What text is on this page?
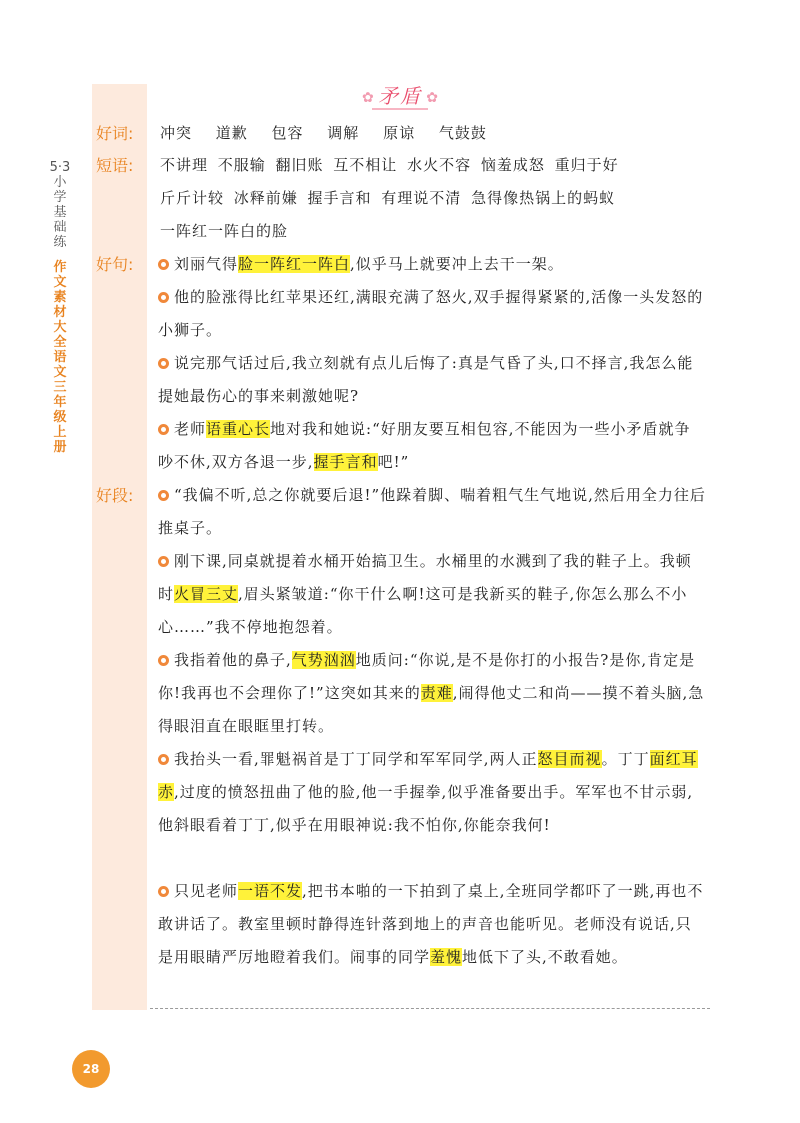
5·3小学基础练
作文素材大全 语文 三年级 上册
✿ 矛盾 ✿
好词: 冲突 道歉 包容 调解 原谅 气鼓鼓
短语: 不讲理 不服输 翻旧账 互不相让 水火不容 恼羞成怒 重归于好
斤斤计较 冰释前嫌 握手言和 有理说不清 急得像热锅上的蚂蚁
一阵红一阵白的脸
好句:	刘丽气得脸一阵红一阵白,似乎马上就要冲上去干一架。
他的脸涨得比红苹果还红,满眼充满了怒火,双手握得紧紧的,活像一头发怒的小狮子。
说完那气话过后,我立刻就有点儿后悔了:真是气昏了头,口不择言,我怎么能提她最伤心的事来刺激她呢?
老师语重心长地对我和她说:“好朋友要互相包容,不能因为一些小矛盾就争吵不休,双方各退一步,握手言和吧!”
好段:	“我偏不听,总之你就要后退!”他跺着脚、喘着粗气生气地说,然后用全力往后推桌子。
刚下课,同桌就提着水桶开始搞卫生。水桶里的水溅到了我的鞋子上。我顿时火冒三丈,眉头紧皱道:“你干什么啊!这可是我新买的鞋子,你怎么那么不小心……”我不停地抱怨着。
我指着他的鼻子,气势汹汹地质问:“你说,是不是你打的小报告?是你,肯定是你!我再也不会理你了!”这突如其来的责难,闹得他丈二和尚——摸不着头脑,急得眼泪直在眼眶里打转。
我抬头一看,罪魁祸首是丁丁同学和军军同学,两人正怒目而视。丁丁面红耳赤,过度的愤怒扭曲了他的脸,他一手握拳,似乎准备要出手。军军也不甘示弱,他斜眼看着丁丁,似乎在用眼神说:我不怕你,你能奈我何!
只见老师一语不发,把书本啪的一下拍到了桌上,全班同学都吓了一跳,再也不敢讲话了。教室里顿时静得连针落到地上的声音也能听见。老师没有说话,只是用眼睛严厉地瞪着我们。闹事的同学羞愧地低下了头,不敢看她。
28
